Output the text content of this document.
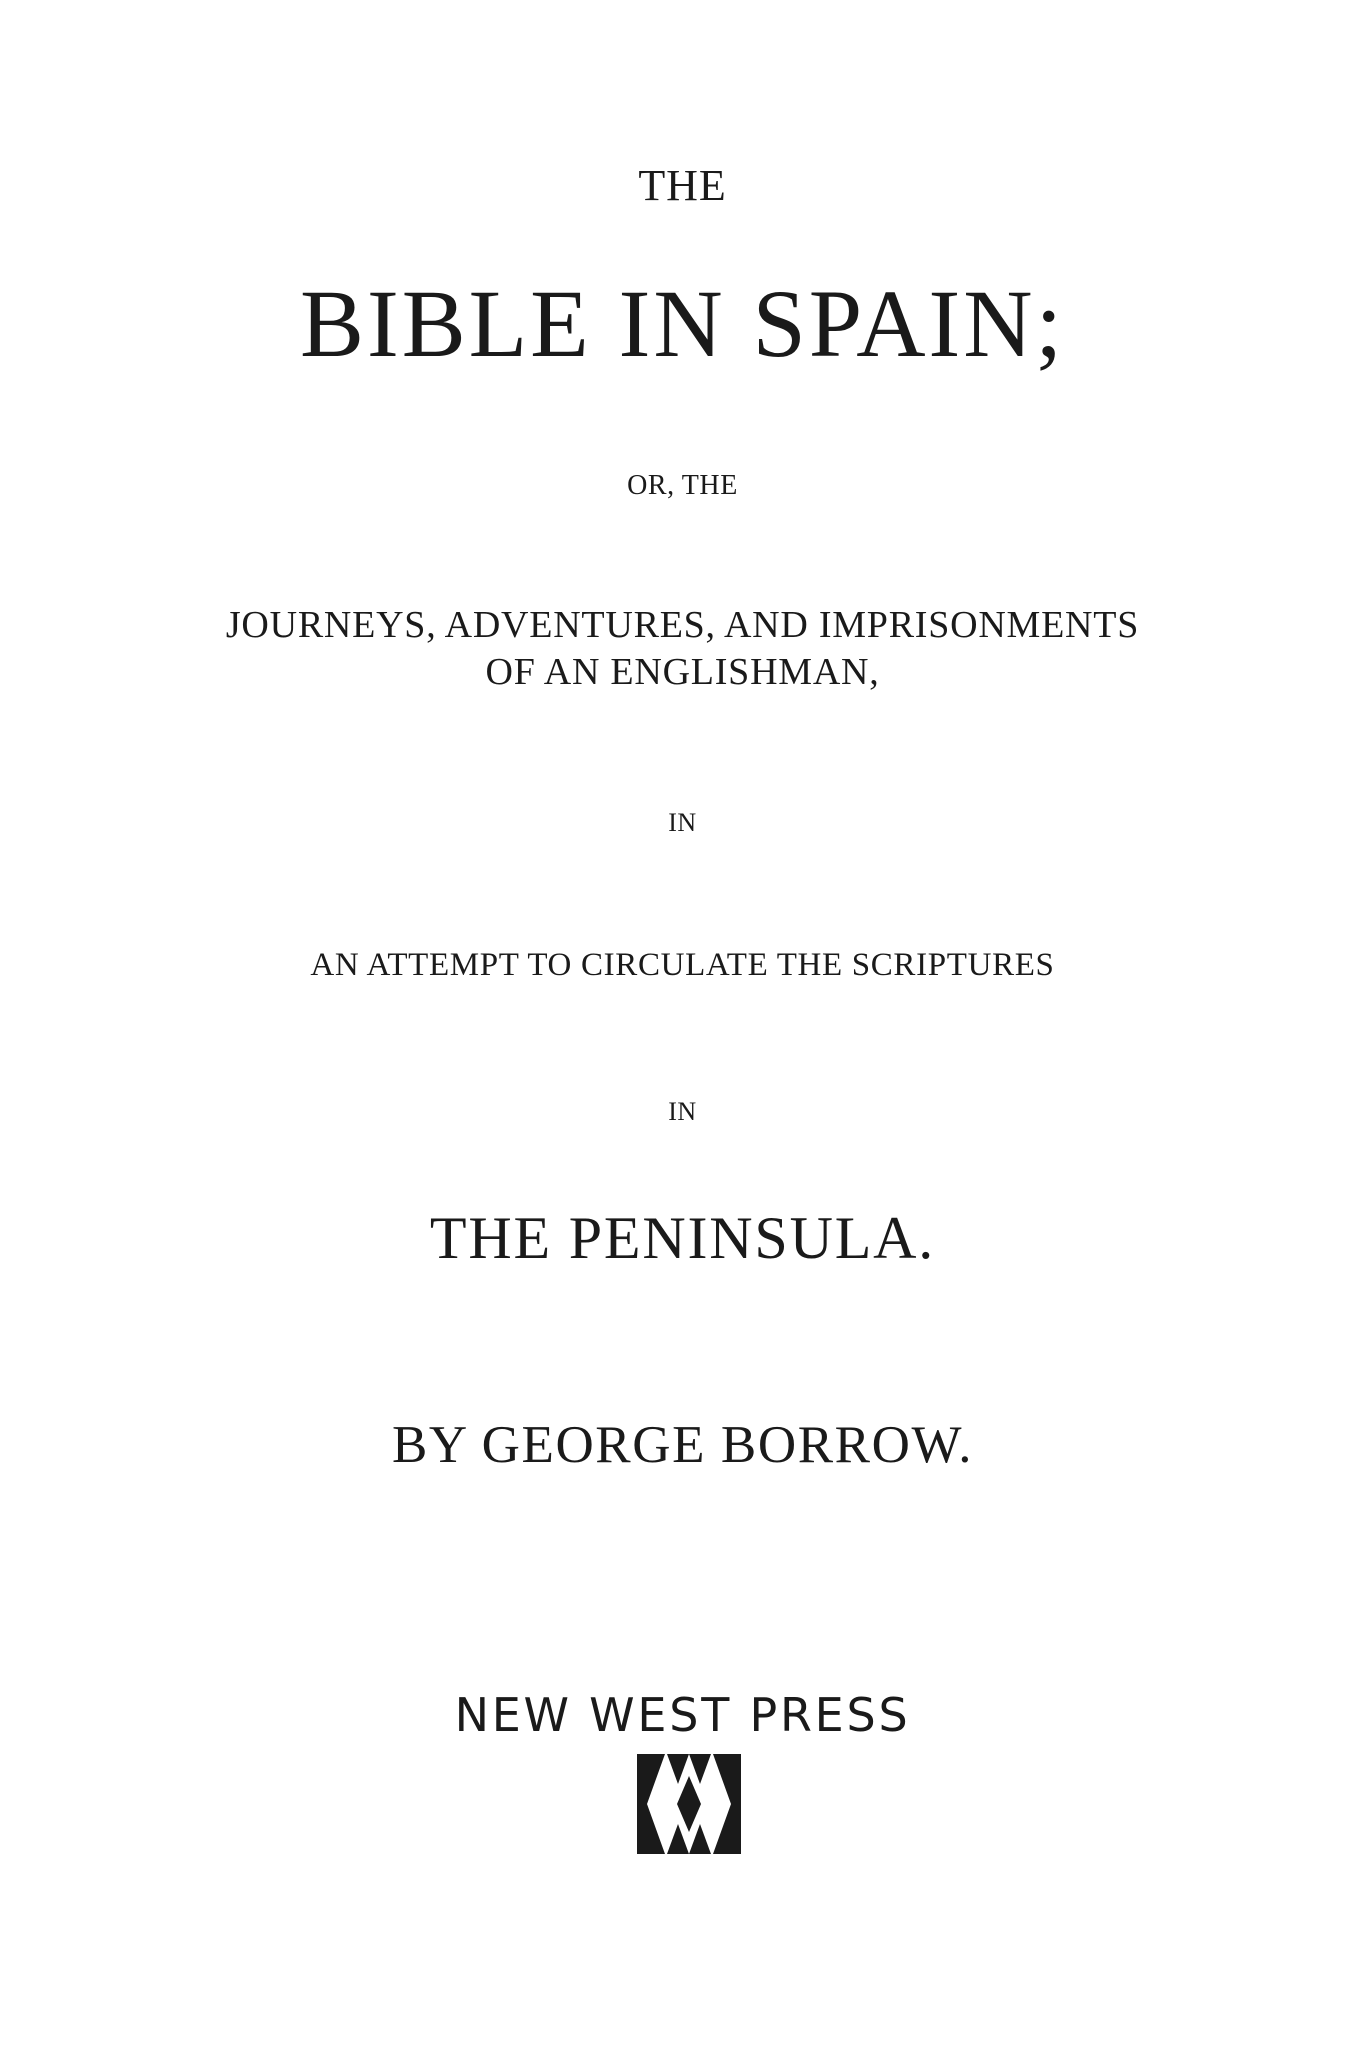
THE
BIBLE IN SPAIN;
OR, THE
JOURNEYS, ADVENTURES, AND IMPRISONMENTS
OF AN ENGLISHMAN,
IN
AN ATTEMPT TO CIRCULATE THE SCRIPTURES
IN
THE PENINSULA.
BY GEORGE BORROW.
NEW WEST PRESS
